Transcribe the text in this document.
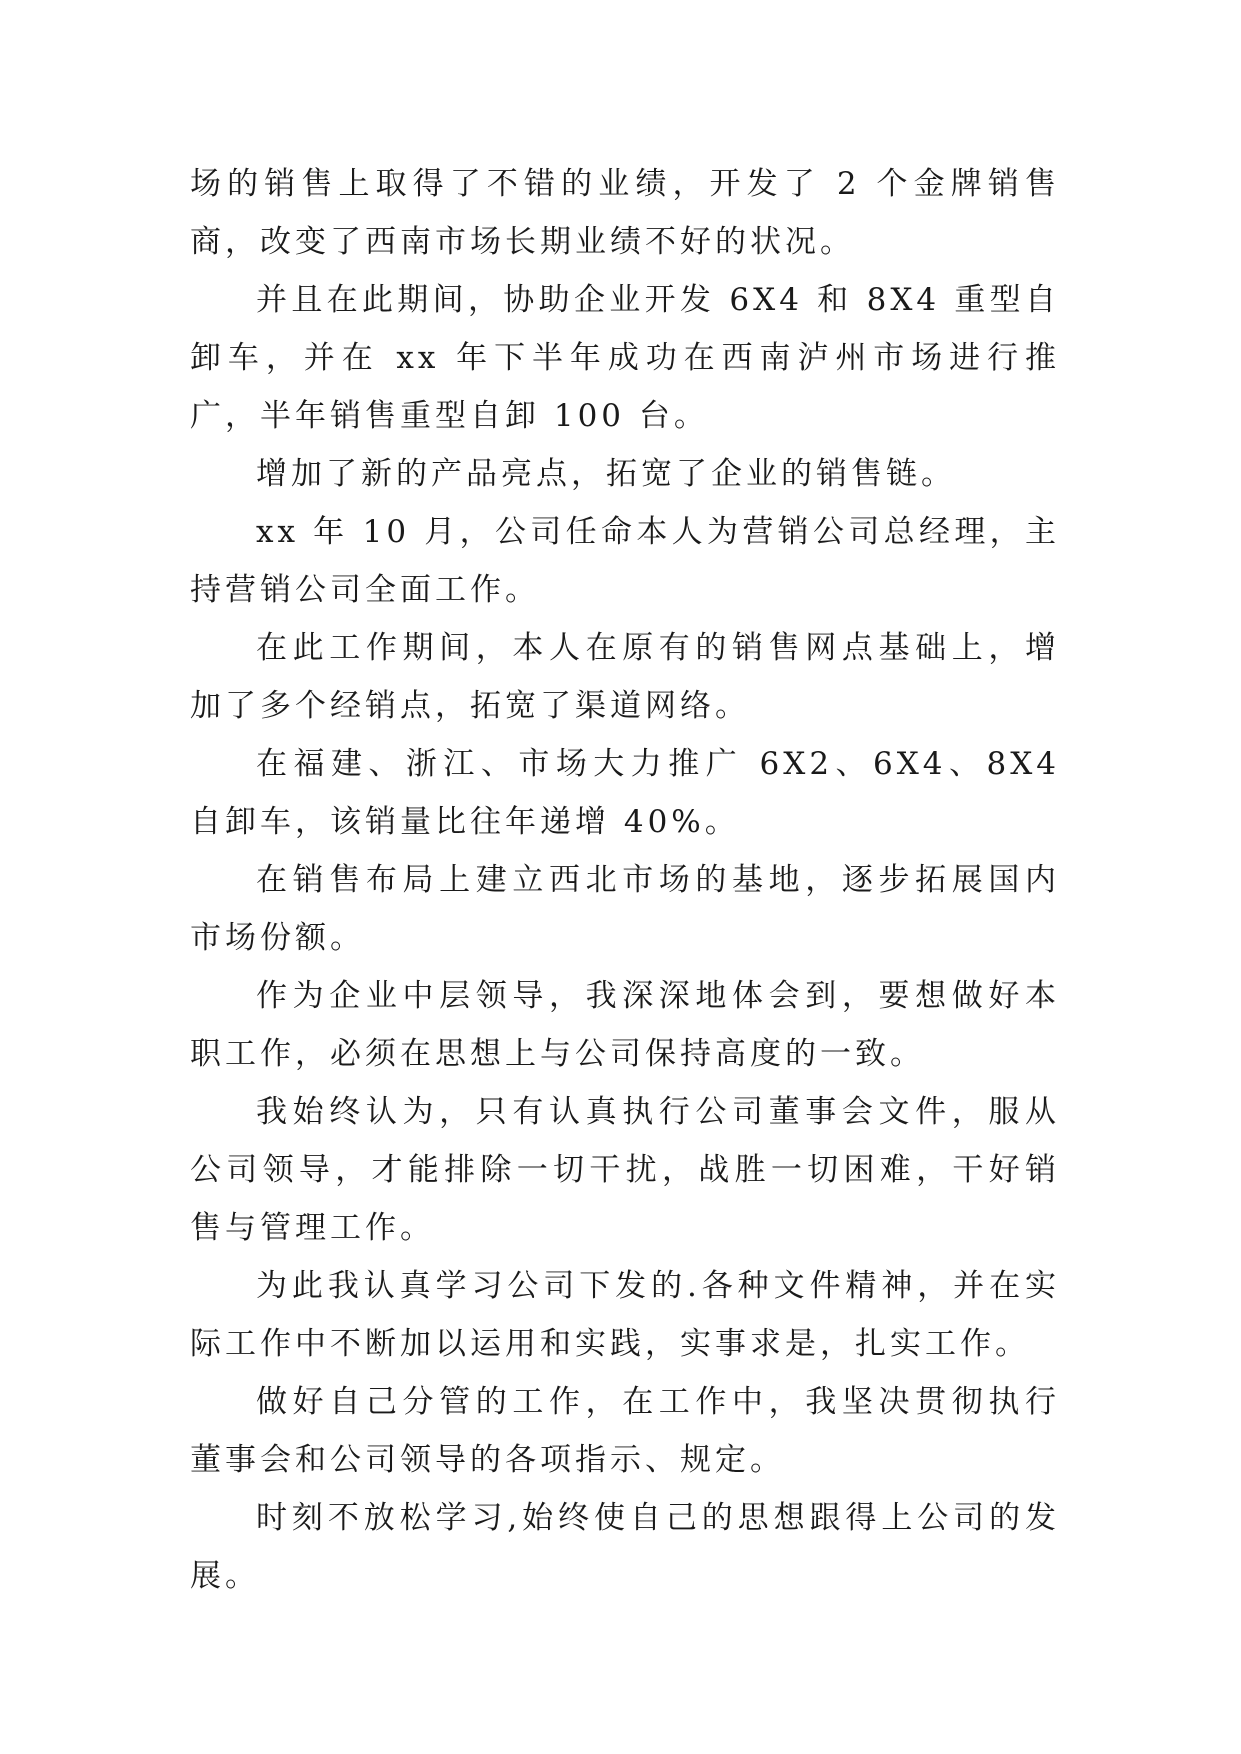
场的销售上取得了不错的业绩，开发了 2 个金牌销售商，改变了西南市场长期业绩不好的状况。

并且在此期间，协助企业开发 6X4 和 8X4 重型自卸车，并在 xx 年下半年成功在西南泸州市场进行推广，半年销售重型自卸 100 台。

增加了新的产品亮点，拓宽了企业的销售链。

xx 年 10 月，公司任命本人为营销公司总经理，主持营销公司全面工作。

在此工作期间，本人在原有的销售网点基础上，增加了多个经销点，拓宽了渠道网络。

在福建、浙江、市场大力推广 6X2、6X4、8X4 自卸车，该销量比往年递增 40%。

在销售布局上建立西北市场的基地，逐步拓展国内市场份额。

作为企业中层领导，我深深地体会到，要想做好本职工作，必须在思想上与公司保持高度的一致。

我始终认为，只有认真执行公司董事会文件，服从公司领导，才能排除一切干扰，战胜一切困难，干好销售与管理工作。

为此我认真学习公司下发的.各种文件精神，并在实际工作中不断加以运用和实践，实事求是，扎实工作。

做好自己分管的工作，在工作中，我坚决贯彻执行董事会和公司领导的各项指示、规定。

时刻不放松学习,始终使自己的思想跟得上公司的发展。
